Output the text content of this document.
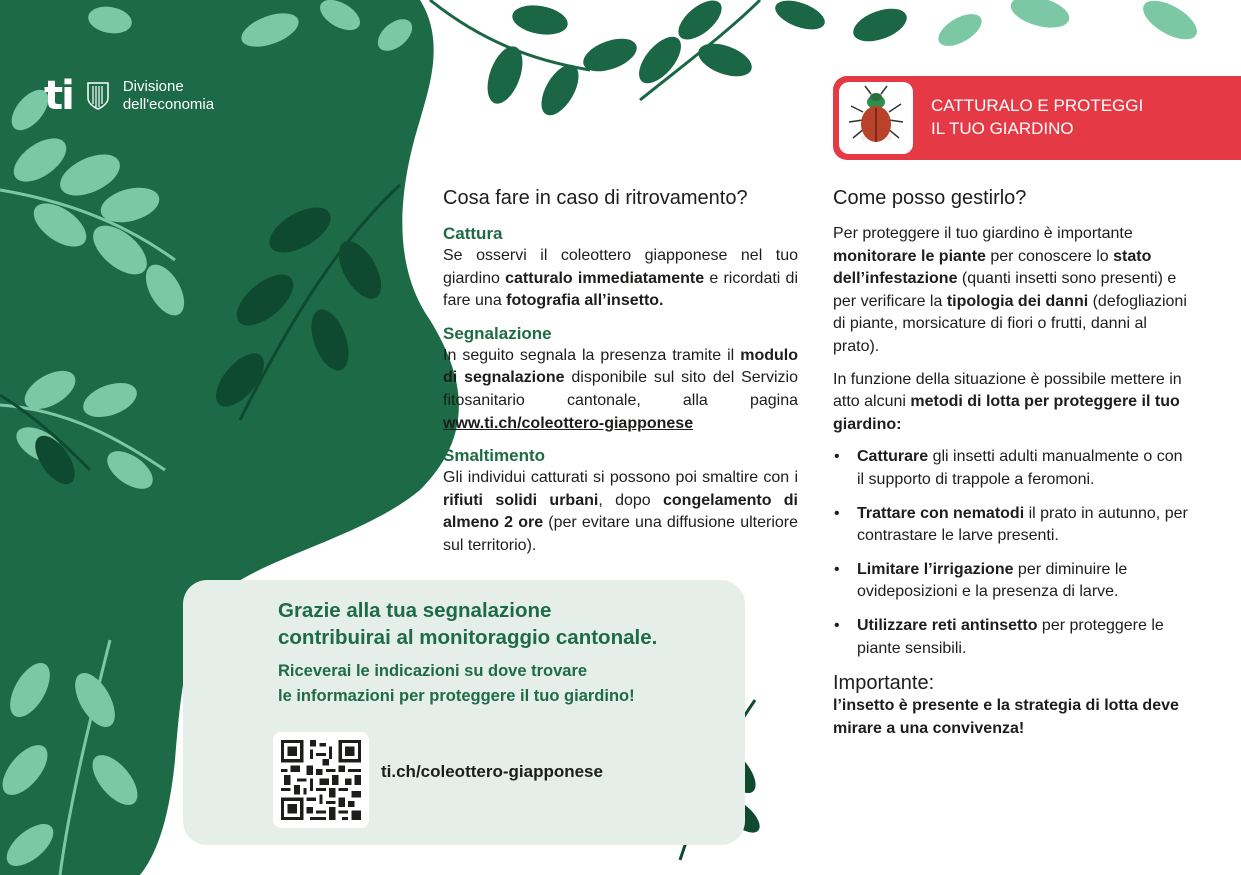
ti	Divisione
dell'economia	CATTURALO E PROTEGGI
IL TUO GIARDINO
Cosa fare in caso di ritrovamento?
Cattura

Se osservi il coleottero giapponese nel tuo giardino catturalo immediatamente e ricordati di fare una fotografia all’insetto.

Segnalazione

In seguito segnala la presenza tramite il modulo di segnalazione disponibile sul sito del Servizio fitosanitario cantonale, alla pagina www.ti.ch/coleottero-giapponese

Smaltimento

Gli individui catturati si possono poi smaltire con i rifiuti solidi urbani, dopo congelamento di almeno 2 ore (per evitare una diffusione ulteriore sul territorio).

Come posso gestirlo?

Per proteggere il tuo giardino è importante monitorare le piante per conoscere lo stato dell’infestazione (quanti insetti sono presenti) e per verificare la tipologia dei danni (defogliazioni di piante, morsicature di fiori o frutti, danni al prato).

In funzione della situazione è possibile mettere in atto alcuni metodi di lotta per proteggere il tuo giardino:

• Catturare gli insetti adulti manualmente o con il supporto di trappole a feromoni.
• Trattare con nematodi il prato in autunno, per contrastare le larve presenti.
• Limitare l’irrigazione per diminuire le ovideposizioni e la presenza di larve.
• Utilizzare reti antinsetto per proteggere le piante sensibili.
Importante:
l’insetto è presente e la strategia di lotta deve mirare a una convivenza!
Grazie alla tua segnalazione
contribuirai al monitoraggio cantonale.
Riceverai le indicazioni su dove trovare
le informazioni per proteggere il tuo giardino!
ti.ch/coleottero-giapponese
